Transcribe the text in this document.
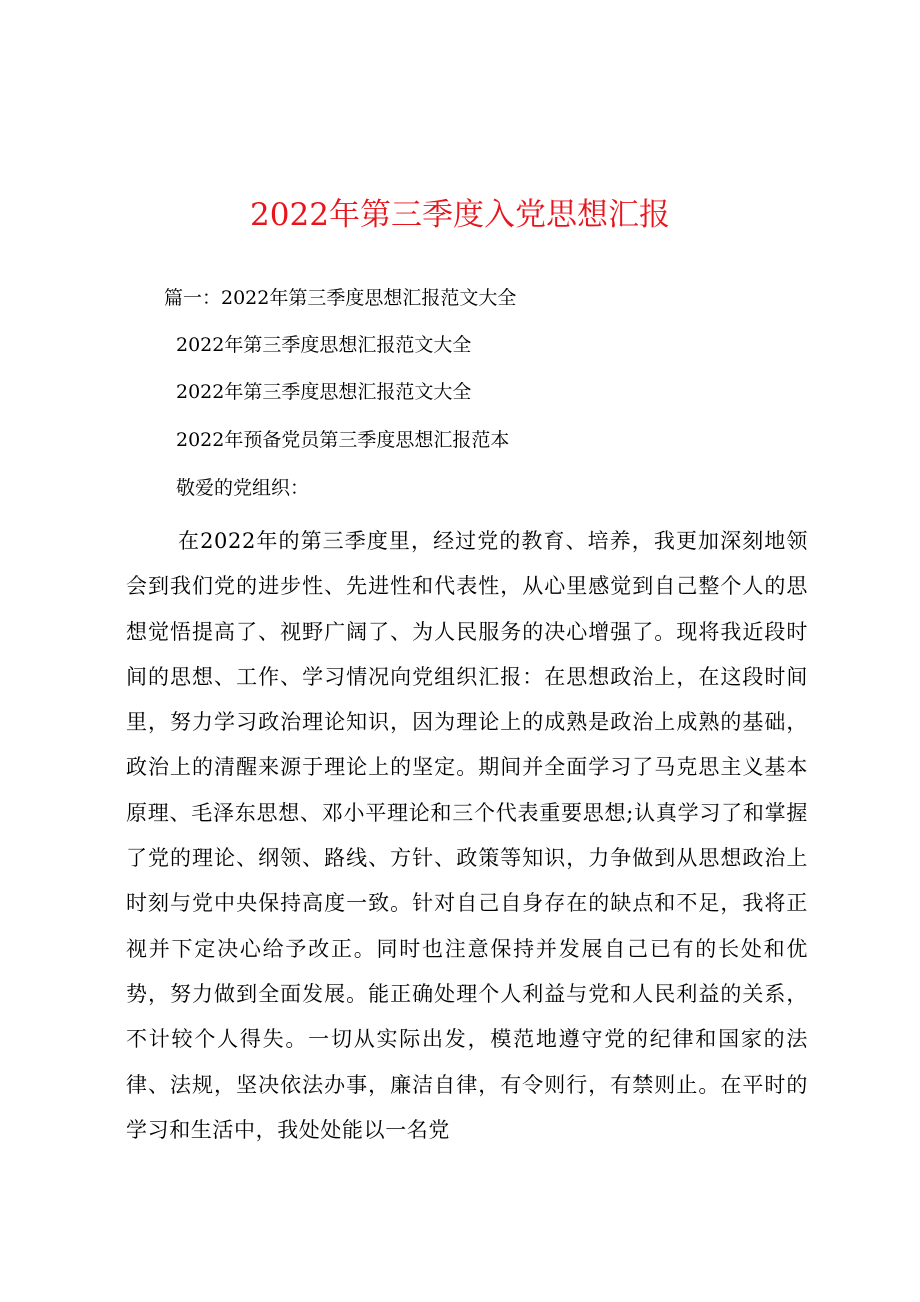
2022年第三季度入党思想汇报
篇一：2022年第三季度思想汇报范文大全
2022年第三季度思想汇报范文大全
2022年第三季度思想汇报范文大全
2022年预备党员第三季度思想汇报范本
敬爱的党组织：

在2022年的第三季度里，经过党的教育、培养，我更加深刻地领会到我们党的进步性、先进性和代表性，从心里感觉到自己整个人的思想觉悟提高了、视野广阔了、为人民服务的决心增强了。现将我近段时间的思想、工作、学习情况向党组织汇报：在思想政治上，在这段时间里，努力学习政治理论知识，因为理论上的成熟是政治上成熟的基础，政治上的清醒来源于理论上的坚定。期间并全面学习了马克思主义基本原理、毛泽东思想、邓小平理论和三个代表重要思想;认真学习了和掌握了党的理论、纲领、路线、方针、政策等知识，力争做到从思想政治上时刻与党中央保持高度一致。针对自己自身存在的缺点和不足，我将正视并下定决心给予改正。同时也注意保持并发展自己已有的长处和优势，努力做到全面发展。能正确处理个人利益与党和人民利益的关系，不计较个人得失。一切从实际出发，模范地遵守党的纪律和国家的法律、法规，坚决依法办事，廉洁自律，有令则行，有禁则止。在平时的学习和生活中，我处处能以一名党
